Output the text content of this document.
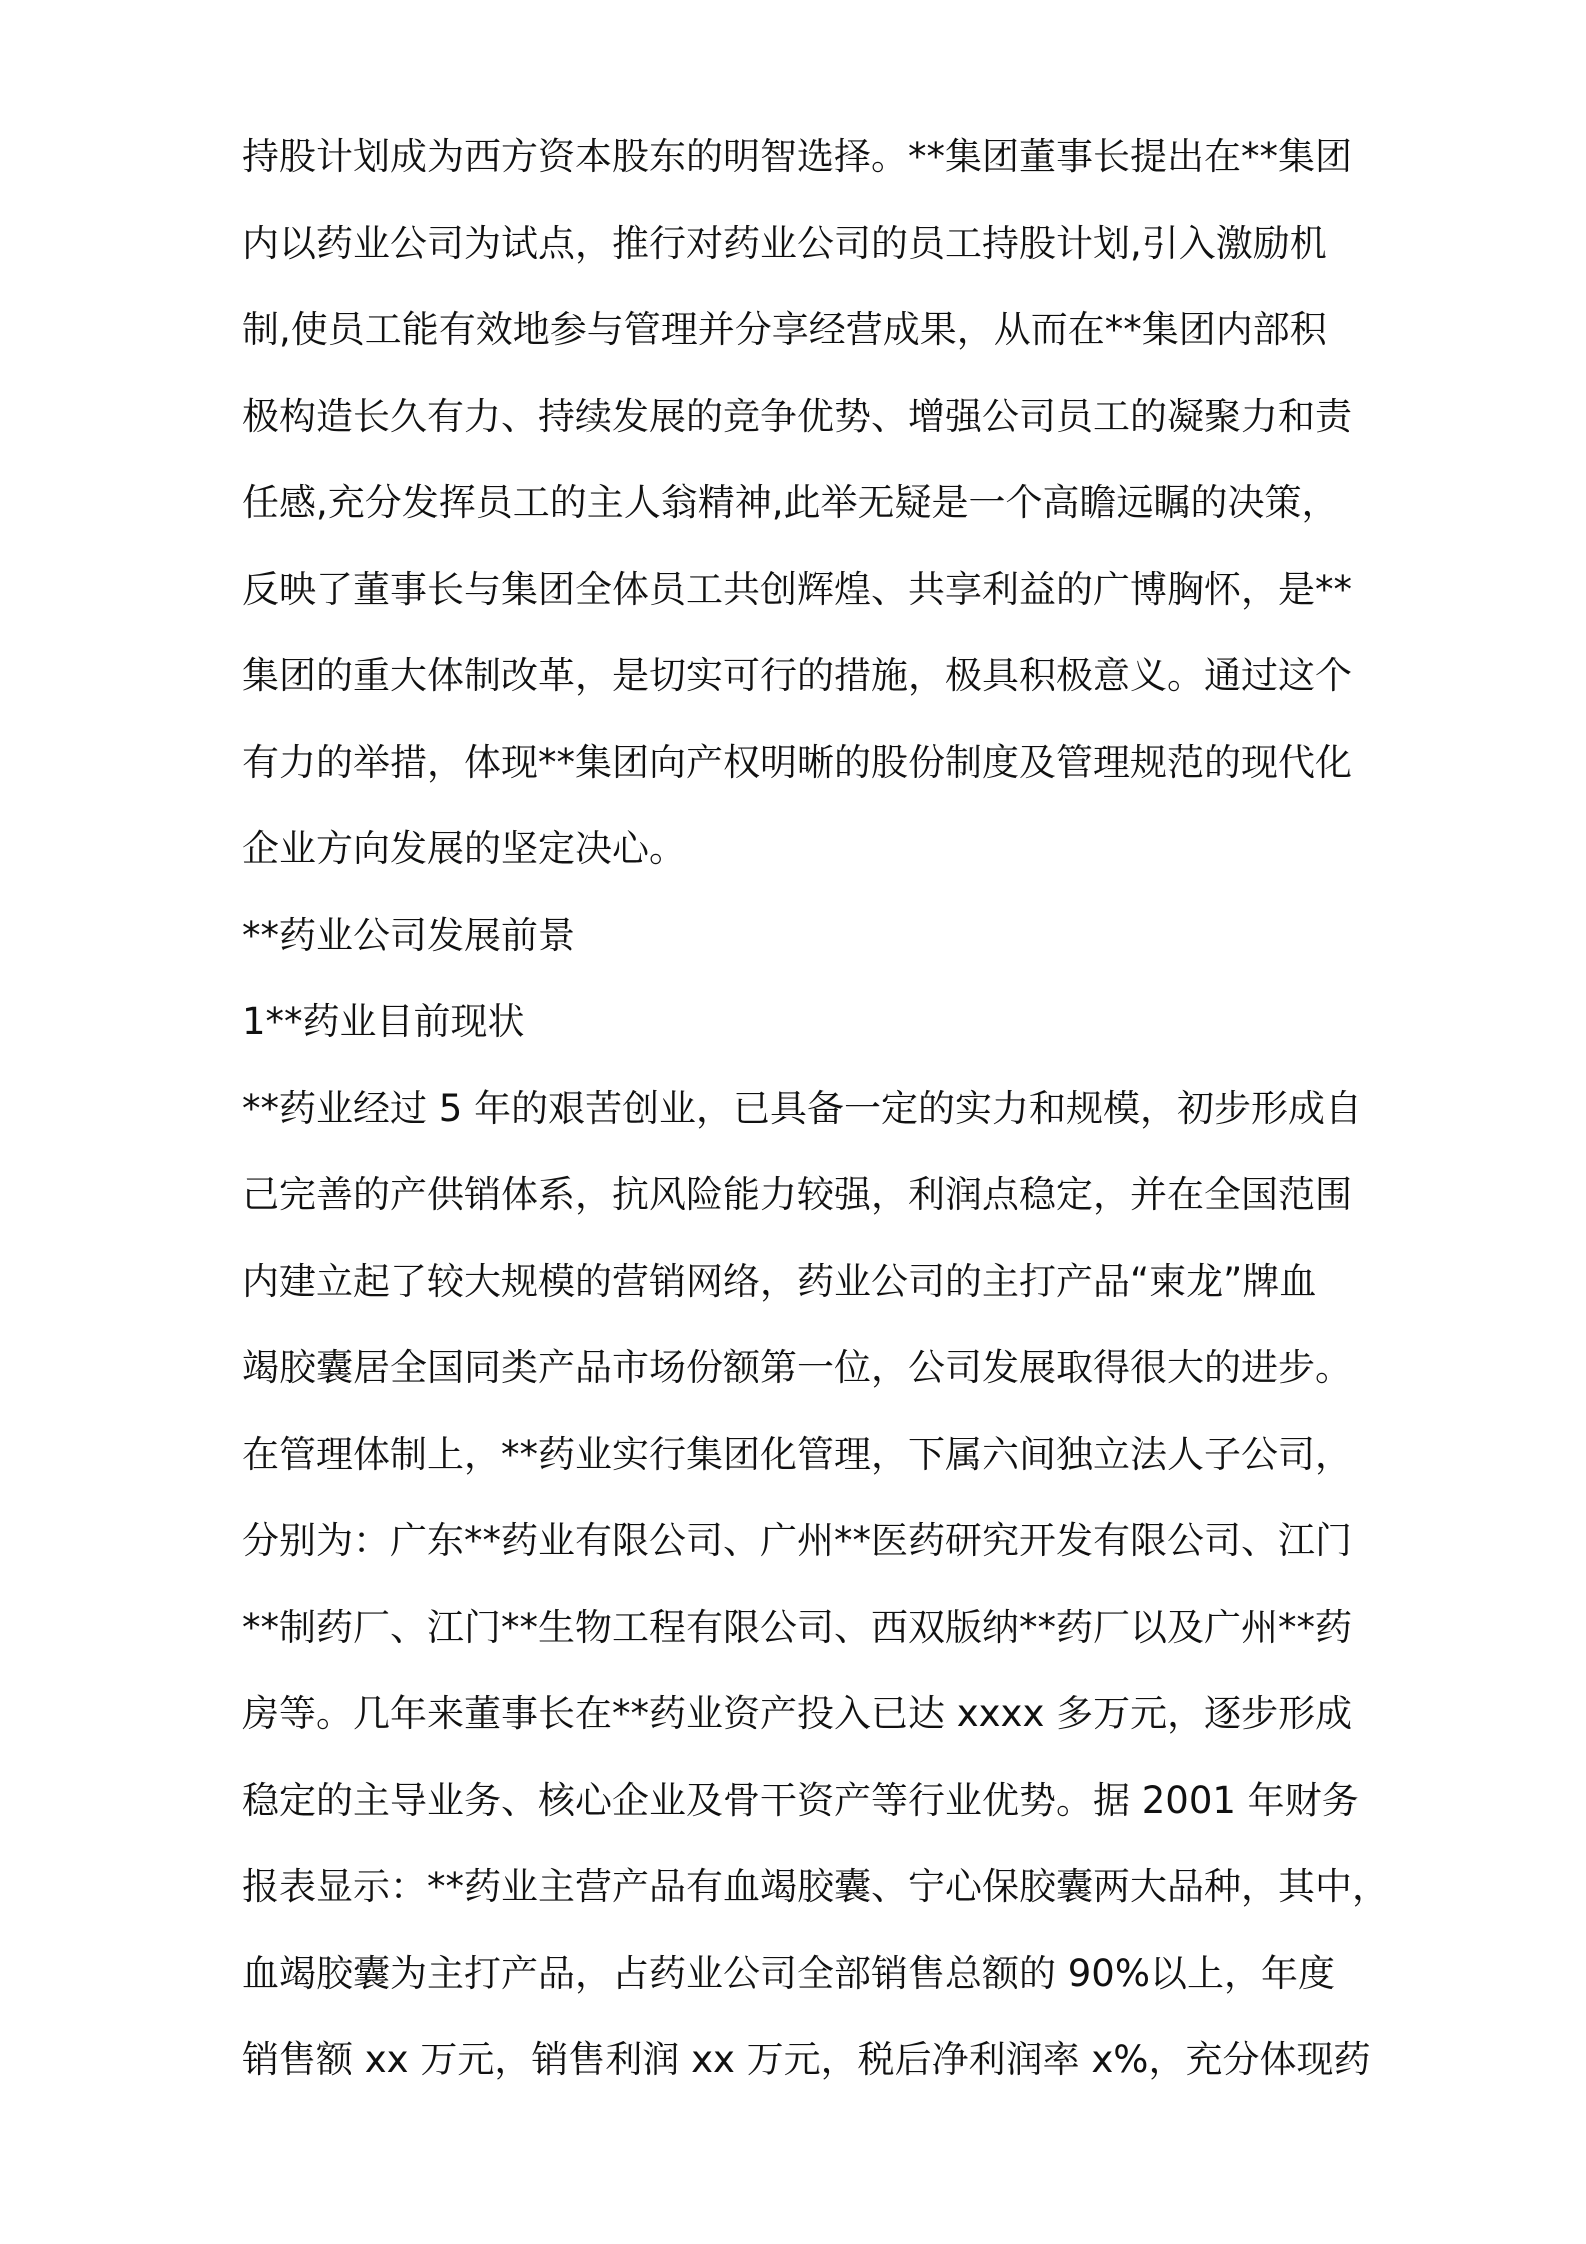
持股计划成为西方资本股东的明智选择。**集团董事长提出在**集团
内以药业公司为试点，推行对药业公司的员工持股计划,引入激励机
制,使员工能有效地参与管理并分享经营成果，从而在**集团内部积
极构造长久有力、持续发展的竞争优势、增强公司员工的凝聚力和责
任感,充分发挥员工的主人翁精神,此举无疑是一个高瞻远瞩的决策，
反映了董事长与集团全体员工共创辉煌、共享利益的广博胸怀，是**
集团的重大体制改革，是切实可行的措施，极具积极意义。通过这个
有力的举措，体现**集团向产权明晰的股份制度及管理规范的现代化
企业方向发展的坚定决心。
**药业公司发展前景
1**药业目前现状
**药业经过 5 年的艰苦创业，已具备一定的实力和规模，初步形成自
己完善的产供销体系，抗风险能力较强，利润点稳定，并在全国范围
内建立起了较大规模的营销网络，药业公司的主打产品“柬龙”牌血
竭胶囊居全国同类产品市场份额第一位，公司发展取得很大的进步。
在管理体制上，**药业实行集团化管理，下属六间独立法人子公司，
分别为：广东**药业有限公司、广州**医药研究开发有限公司、江门
**制药厂、江门**生物工程有限公司、西双版纳**药厂以及广州**药
房等。几年来董事长在**药业资产投入已达 xxxx 多万元，逐步形成
稳定的主导业务、核心企业及骨干资产等行业优势。据 2001 年财务
报表显示：**药业主营产品有血竭胶囊、宁心保胶囊两大品种，其中，
血竭胶囊为主打产品，占药业公司全部销售总额的 90%以上，年度
销售额 xx 万元，销售利润 xx 万元，税后净利润率 x%，充分体现药
